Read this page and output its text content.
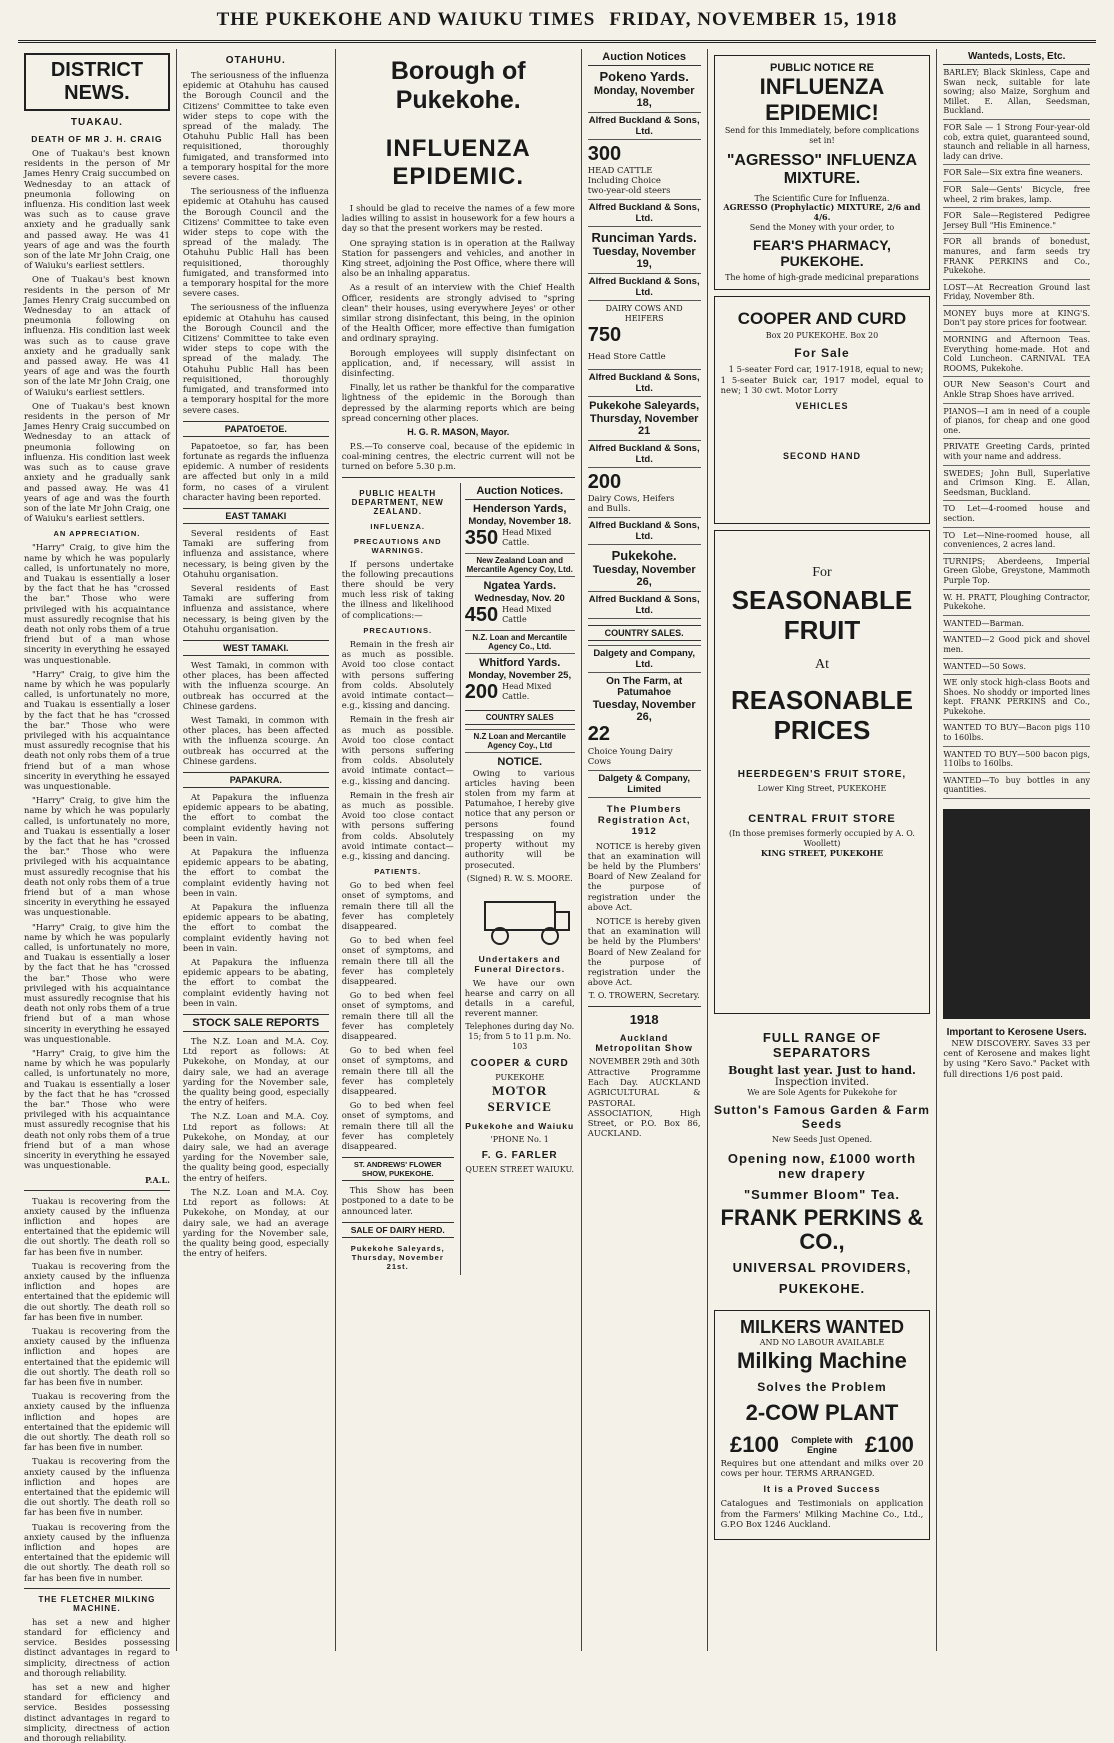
THE PUKEKOHE AND WAIUKU TIMES FRIDAY, NOVEMBER 15, 1918
DISTRICT NEWS.
TUAKAU.
DEATH OF MR J. H. CRAIG

One of Tuakau's best known residents in the person of Mr James Henry Craig succumbed on Wednesday to an attack of pneumonia following on influenza. His condition last week was such as to cause grave anxiety and he gradually sank and passed away. He was 41 years of age and was the fourth son of the late Mr John Craig, one of Waiuku's earliest settlers.

One of Tuakau's best known residents in the person of Mr James Henry Craig succumbed on Wednesday to an attack of pneumonia following on influenza. His condition last week was such as to cause grave anxiety and he gradually sank and passed away. He was 41 years of age and was the fourth son of the late Mr John Craig, one of Waiuku's earliest settlers.

One of Tuakau's best known residents in the person of Mr James Henry Craig succumbed on Wednesday to an attack of pneumonia following on influenza. His condition last week was such as to cause grave anxiety and he gradually sank and passed away. He was 41 years of age and was the fourth son of the late Mr John Craig, one of Waiuku's earliest settlers.

AN APPRECIATION.

"Harry" Craig, to give him the name by which he was popularly called, is unfortunately no more, and Tuakau is essentially a loser by the fact that he has "crossed the bar." Those who were privileged with his acquaintance must assuredly recognise that his death not only robs them of a true friend but of a man whose sincerity in everything he essayed was unquestionable.

"Harry" Craig, to give him the name by which he was popularly called, is unfortunately no more, and Tuakau is essentially a loser by the fact that he has "crossed the bar." Those who were privileged with his acquaintance must assuredly recognise that his death not only robs them of a true friend but of a man whose sincerity in everything he essayed was unquestionable.

"Harry" Craig, to give him the name by which he was popularly called, is unfortunately no more, and Tuakau is essentially a loser by the fact that he has "crossed the bar." Those who were privileged with his acquaintance must assuredly recognise that his death not only robs them of a true friend but of a man whose sincerity in everything he essayed was unquestionable.

"Harry" Craig, to give him the name by which he was popularly called, is unfortunately no more, and Tuakau is essentially a loser by the fact that he has "crossed the bar." Those who were privileged with his acquaintance must assuredly recognise that his death not only robs them of a true friend but of a man whose sincerity in everything he essayed was unquestionable.

"Harry" Craig, to give him the name by which he was popularly called, is unfortunately no more, and Tuakau is essentially a loser by the fact that he has "crossed the bar." Those who were privileged with his acquaintance must assuredly recognise that his death not only robs them of a true friend but of a man whose sincerity in everything he essayed was unquestionable.

P.A.L.

Tuakau is recovering from the anxiety caused by the influenza infliction and hopes are entertained that the epidemic will die out shortly. The death roll so far has been five in number.

Tuakau is recovering from the anxiety caused by the influenza infliction and hopes are entertained that the epidemic will die out shortly. The death roll so far has been five in number.

Tuakau is recovering from the anxiety caused by the influenza infliction and hopes are entertained that the epidemic will die out shortly. The death roll so far has been five in number.

Tuakau is recovering from the anxiety caused by the influenza infliction and hopes are entertained that the epidemic will die out shortly. The death roll so far has been five in number.

Tuakau is recovering from the anxiety caused by the influenza infliction and hopes are entertained that the epidemic will die out shortly. The death roll so far has been five in number.

Tuakau is recovering from the anxiety caused by the influenza infliction and hopes are entertained that the epidemic will die out shortly. The death roll so far has been five in number.

THE FLETCHER MILKING MACHINE.

has set a new and higher standard for efficiency and service. Besides possessing distinct advantages in regard to simplicity, directness of action and thorough reliability.

has set a new and higher standard for efficiency and service. Besides possessing distinct advantages in regard to simplicity, directness of action and thorough reliability.

OTAHUHU.

The seriousness of the influenza epidemic at Otahuhu has caused the Borough Council and the Citizens' Committee to take even wider steps to cope with the spread of the malady. The Otahuhu Public Hall has been requisitioned, thoroughly fumigated, and transformed into a temporary hospital for the more severe cases.

The seriousness of the influenza epidemic at Otahuhu has caused the Borough Council and the Citizens' Committee to take even wider steps to cope with the spread of the malady. The Otahuhu Public Hall has been requisitioned, thoroughly fumigated, and transformed into a temporary hospital for the more severe cases.

The seriousness of the influenza epidemic at Otahuhu has caused the Borough Council and the Citizens' Committee to take even wider steps to cope with the spread of the malady. The Otahuhu Public Hall has been requisitioned, thoroughly fumigated, and transformed into a temporary hospital for the more severe cases.

PAPATOETOE.

Papatoetoe, so far, has been fortunate as regards the influenza epidemic. A number of residents are affected but only in a mild form, no cases of a virulent character having been reported.

EAST TAMAKI

Several residents of East Tamaki are suffering from influenza and assistance, where necessary, is being given by the Otahuhu organisation.

Several residents of East Tamaki are suffering from influenza and assistance, where necessary, is being given by the Otahuhu organisation.

WEST TAMAKI.

West Tamaki, in common with other places, has been affected with the influenza scourge. An outbreak has occurred at the Chinese gardens.

West Tamaki, in common with other places, has been affected with the influenza scourge. An outbreak has occurred at the Chinese gardens.

PAPAKURA.

At Papakura the influenza epidemic appears to be abating, the effort to combat the complaint evidently having not been in vain.

At Papakura the influenza epidemic appears to be abating, the effort to combat the complaint evidently having not been in vain.

At Papakura the influenza epidemic appears to be abating, the effort to combat the complaint evidently having not been in vain.

At Papakura the influenza epidemic appears to be abating, the effort to combat the complaint evidently having not been in vain.

STOCK SALE REPORTS

The N.Z. Loan and M.A. Coy. Ltd report as follows: At Pukekohe, on Monday, at our dairy sale, we had an average yarding for the November sale, the quality being good, especially the entry of heifers.

The N.Z. Loan and M.A. Coy. Ltd report as follows: At Pukekohe, on Monday, at our dairy sale, we had an average yarding for the November sale, the quality being good, especially the entry of heifers.

The N.Z. Loan and M.A. Coy. Ltd report as follows: At Pukekohe, on Monday, at our dairy sale, we had an average yarding for the November sale, the quality being good, especially the entry of heifers.

Borough of Pukekohe.
INFLUENZA EPIDEMIC.

I should be glad to receive the names of a few more ladies willing to assist in housework for a few hours a day so that the present workers may be rested.

One spraying station is in operation at the Railway Station for passengers and vehicles, and another in King street, adjoining the Post Office, where there will also be an inhaling apparatus.

As a result of an interview with the Chief Health Officer, residents are strongly advised to "spring clean" their houses, using everywhere Jeyes' or other similar strong disinfectant, this being, in the opinion of the Health Officer, more effective than fumigation and ordinary spraying.

Borough employees will supply disinfectant on application, and, if necessary, will assist in disinfecting.

Finally, let us rather be thankful for the comparative lightness of the epidemic in the Borough than depressed by the alarming reports which are being spread concerning other places.

H. G. R. MASON, Mayor.

P.S.—To conserve coal, because of the epidemic in coal-mining centres, the electric current will not be turned on before 5.30 p.m.

PUBLIC HEALTH DEPARTMENT, NEW ZEALAND.
INFLUENZA.
PRECAUTIONS AND WARNINGS.

If persons undertake the following precautions there should be very much less risk of taking the illness and likelihood of complications:—

PRECAUTIONS.

Remain in the fresh air as much as possible. Avoid too close contact with persons suffering from colds. Absolutely avoid intimate contact—e.g., kissing and dancing.

Remain in the fresh air as much as possible. Avoid too close contact with persons suffering from colds. Absolutely avoid intimate contact—e.g., kissing and dancing.

Remain in the fresh air as much as possible. Avoid too close contact with persons suffering from colds. Absolutely avoid intimate contact—e.g., kissing and dancing.

PATIENTS.

Go to bed when feel onset of symptoms, and remain there till all the fever has completely disappeared.

Go to bed when feel onset of symptoms, and remain there till all the fever has completely disappeared.

Go to bed when feel onset of symptoms, and remain there till all the fever has completely disappeared.

Go to bed when feel onset of symptoms, and remain there till all the fever has completely disappeared.

Go to bed when feel onset of symptoms, and remain there till all the fever has completely disappeared.

ST. ANDREWS' FLOWER SHOW, PUKEKOHE.

This Show has been postponed to a date to be announced later.

SALE OF DAIRY HERD.
Pukekohe Saleyards, Thursday, November 21st.
Auction Notices.
Henderson Yards,
Monday, November 18.
350 Head Mixed Cattle.
New Zealand Loan and Mercantile Agency Coy, Ltd.
Ngatea Yards.
Wednesday, Nov. 20
450 Head Mixed Cattle
N.Z. Loan and Mercantile Agency Co., Ltd.
Whitford Yards.
Monday, November 25,
200 Head Mixed Cattle.
COUNTRY SALES
N.Z Loan and Mercantile Agency Coy., Ltd
NOTICE.

Owing to various articles having been stolen from my farm at Patumahoe, I hereby give notice that any person or persons found trespassing on my property without my authority will be prosecuted.

(Signed) R. W. S. MOORE.
Undertakers and Funeral Directors.

We have our own hearse and carry on all details in a careful, reverent manner.

Telephones during day No. 15; from 5 to 11 p.m. No. 103
COOPER & CURD
PUKEKOHE
MOTOR SERVICE
Pukekohe and Waiuku
'PHONE No. 1
F. G. FARLER
QUEEN STREET WAIUKU.
Auction Notices
Pokeno Yards.
Monday, November 18,
Alfred Buckland & Sons, Ltd.
300HEAD CATTLE Including Choice two-year-old steers
Alfred Buckland & Sons, Ltd.
Runciman Yards.
Tuesday, November 19,
Alfred Buckland & Sons, Ltd.
DAIRY COWS AND HEIFERS
750Head Store Cattle
Alfred Buckland & Sons, Ltd.
Pukekohe Saleyards,
Thursday, November 21
Alfred Buckland & Sons, Ltd.
200Dairy Cows, Heifers and Bulls.
Alfred Buckland & Sons, Ltd.
Pukekohe.
Tuesday, November 26,
Alfred Buckland & Sons, Ltd.
COUNTRY SALES.
Dalgety and Company, Ltd.
On The Farm, at Patumahoe
Tuesday, November 26,
22Choice Young Dairy Cows
Dalgety & Company, Limited
The Plumbers Registration Act, 1912

NOTICE is hereby given that an examination will be held by the Plumbers' Board of New Zealand for the purpose of registration under the above Act.

NOTICE is hereby given that an examination will be held by the Plumbers' Board of New Zealand for the purpose of registration under the above Act.

T. O. TROWERN, Secretary.
1918
Auckland Metropolitan Show
NOVEMBER 29th and 30th

Attractive Programme Each Day. AUCKLAND AGRICULTURAL & PASTORAL ASSOCIATION, High Street, or P.O. Box 86, AUCKLAND.

PUBLIC NOTICE RE
INFLUENZA EPIDEMIC!
Send for this Immediately, before complications set in!
"AGRESSO" INFLUENZA MIXTURE.
The Scientific Cure for Influenza.
AGRESSO (Prophylactic) MIXTURE, 2/6 and 4/6.
Send the Money with your order, to
FEAR'S PHARMACY, PUKEKOHE.
The home of high-grade medicinal preparations
COOPER AND CURD
Box 20 PUKEKOHE. Box 20
For Sale

1 5-seater Ford car, 1917-1918, equal to new; 1 5-seater Buick car, 1917 model, equal to new; 1 30 cwt. Motor Lorry

VEHICLES
SECOND HAND
For
SEASONABLE FRUIT
At
REASONABLE PRICES
HEERDEGEN'S FRUIT STORE,
Lower King Street, PUKEKOHE
CENTRAL FRUIT STORE
(In those premises formerly occupied by A. O. Woollett)
KING STREET, PUKEKOHE
FULL RANGE OF SEPARATORS
Bought last year. Just to hand.
Inspection invited.
We are Sole Agents for Pukekohe for
Sutton's Famous Garden & Farm Seeds
New Seeds Just Opened.
Opening now, £1000 worth new drapery
"Summer Bloom" Tea.
FRANK PERKINS & CO.,
UNIVERSAL PROVIDERS,
PUKEKOHE.
MILKERS WANTED
AND NO LABOUR AVAILABLE
Milking Machine
Solves the Problem
2-COW PLANT
£100	Complete with Engine	£100

Requires but one attendant and milks over 20 cows per hour. TERMS ARRANGED.

It is a Proved Success

Catalogues and Testimonials on application from the Farmers' Milking Machine Co., Ltd., G.P.O Box 1246 Auckland.

Wanteds, Losts, Etc.
BARLEY; Black Skinless, Cape and Swan neck, suitable for late sowing; also Maize, Sorghum and Millet. E. Allan, Seedsman, Buckland.
FOR Sale — 1 Strong Four-year-old cob, extra quiet, guaranteed sound, staunch and reliable in all harness, lady can drive.
FOR Sale—Six extra fine weaners.
FOR Sale—Gents' Bicycle, free wheel, 2 rim brakes, lamp.
FOR Sale—Registered Pedigree Jersey Bull "His Eminence."
FOR all brands of bonedust, manures, and farm seeds try FRANK PERKINS and Co., Pukekohe.
LOST—At Recreation Ground last Friday, November 8th.
MONEY buys more at KING'S. Don't pay store prices for footwear.
MORNING and Afternoon Teas. Everything home-made. Hot and Cold Luncheon. CARNIVAL TEA ROOMS, Pukekohe.
OUR New Season's Court and Ankle Strap Shoes have arrived.
PIANOS—I am in need of a couple of pianos, for cheap and one good one.
PRIVATE Greeting Cards, printed with your name and address.
SWEDES; John Bull, Superlative and Crimson King. E. Allan, Seedsman, Buckland.
TO Let—4-roomed house and section.
TO Let—Nine-roomed house, all conveniences, 2 acres land.
TURNIPS; Aberdeens, Imperial Green Globe, Greystone, Mammoth Purple Top.
W. H. PRATT, Ploughing Contractor, Pukekohe.
WANTED—Barman.
WANTED—2 Good pick and shovel men.
WANTED—50 Sows.
WE only stock high-class Boots and Shoes. No shoddy or imported lines kept. FRANK PERKINS and Co., Pukekohe.
WANTED TO BUY—Bacon pigs 110 to 160lbs.
WANTED TO BUY—500 bacon pigs, 110lbs to 160lbs.
WANTED—To buy bottles in any quantities.
Important to Kerosene Users.

NEW DISCOVERY. Saves 33 per cent of Kerosene and makes light by using "Kero Savo." Packet with full directions 1/6 post paid.
